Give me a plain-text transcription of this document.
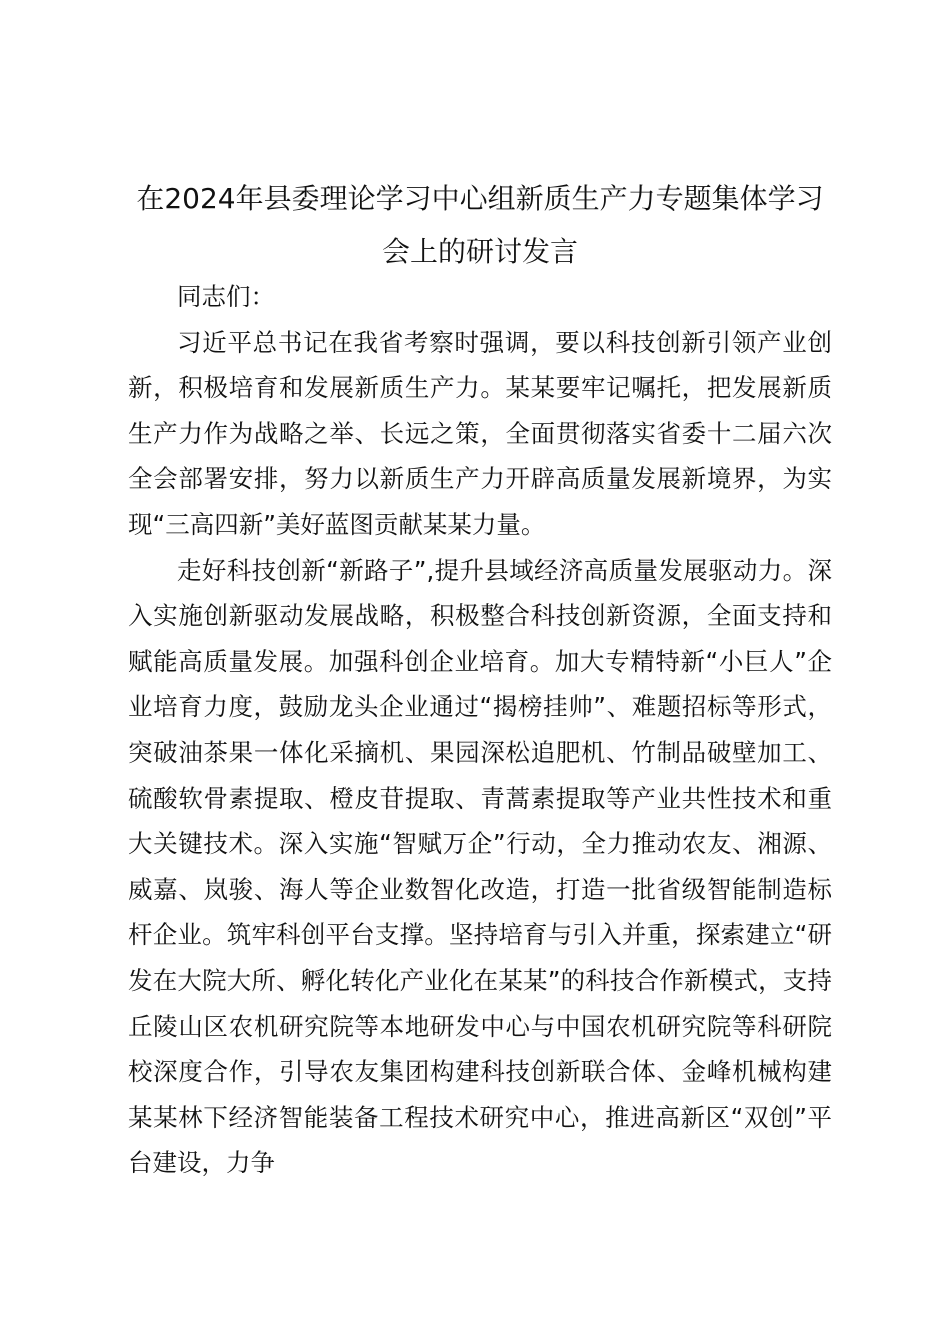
在2024年县委理论学习中心组新质生产力专题集体学习会上的研讨发言

同志们：

习近平总书记在我省考察时强调，要以科技创新引领产业创新，积极培育和发展新质生产力。某某要牢记嘱托，把发展新质生产力作为战略之举、长远之策，全面贯彻落实省委十二届六次全会部署安排，努力以新质生产力开辟高质量发展新境界，为实现“三高四新”美好蓝图贡献某某力量。

走好科技创新“新路子”,提升县域经济高质量发展驱动力。深入实施创新驱动发展战略，积极整合科技创新资源，全面支持和赋能高质量发展。加强科创企业培育。加大专精特新“小巨人”企业培育力度，鼓励龙头企业通过“揭榜挂帅”、难题招标等形式，突破油茶果一体化采摘机、果园深松追肥机、竹制品破壁加工、硫酸软骨素提取、橙皮苷提取、青蒿素提取等产业共性技术和重大关键技术。深入实施“智赋万企”行动，全力推动农友、湘源、威嘉、岚骏、海人等企业数智化改造，打造一批省级智能制造标杆企业。筑牢科创平台支撑。坚持培育与引入并重，探索建立“研发在大院大所、孵化转化产业化在某某”的科技合作新模式，支持丘陵山区农机研究院等本地研发中心与中国农机研究院等科研院校深度合作，引导农友集团构建科技创新联合体、金峰机械构建某某林下经济智能装备工程技术研究中心，推进高新区“双创”平台建设，力争
